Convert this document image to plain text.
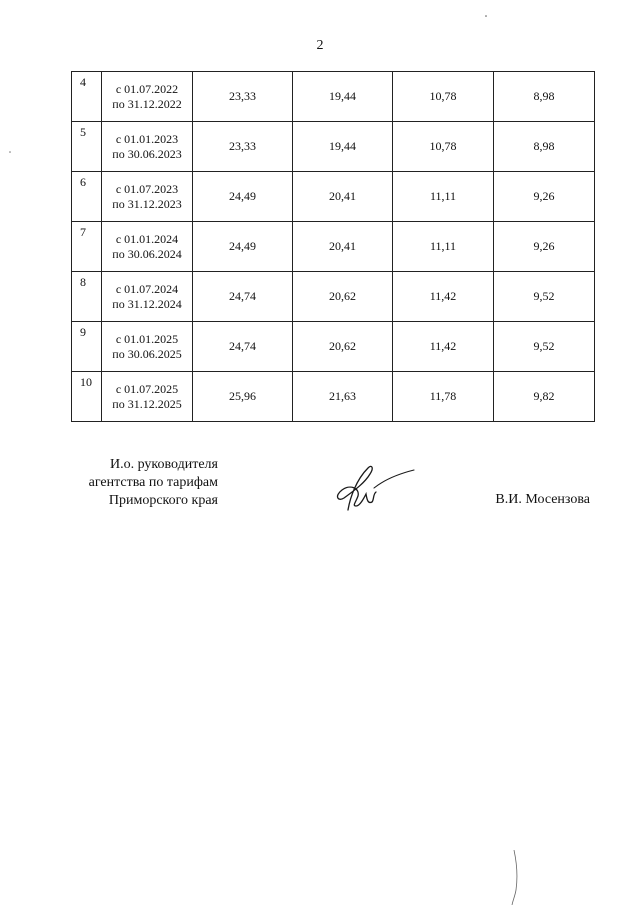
2
4	с 01.07.2022
по 31.12.2022	23,33	19,44	10,78	8,98
5	с 01.01.2023
по 30.06.2023	23,33	19,44	10,78	8,98
6	с 01.07.2023
по 31.12.2023	24,49	20,41	11,11	9,26
7	с 01.01.2024
по 30.06.2024	24,49	20,41	11,11	9,26
8	с 01.07.2024
по 31.12.2024	24,74	20,62	11,42	9,52
9	с 01.01.2025
по 30.06.2025	24,74	20,62	11,42	9,52
10	с 01.07.2025
по 31.12.2025	25,96	21,63	11,78	9,82
И.о. руководителя
агентства по тарифам
Приморского края	В.И. Мосензова
